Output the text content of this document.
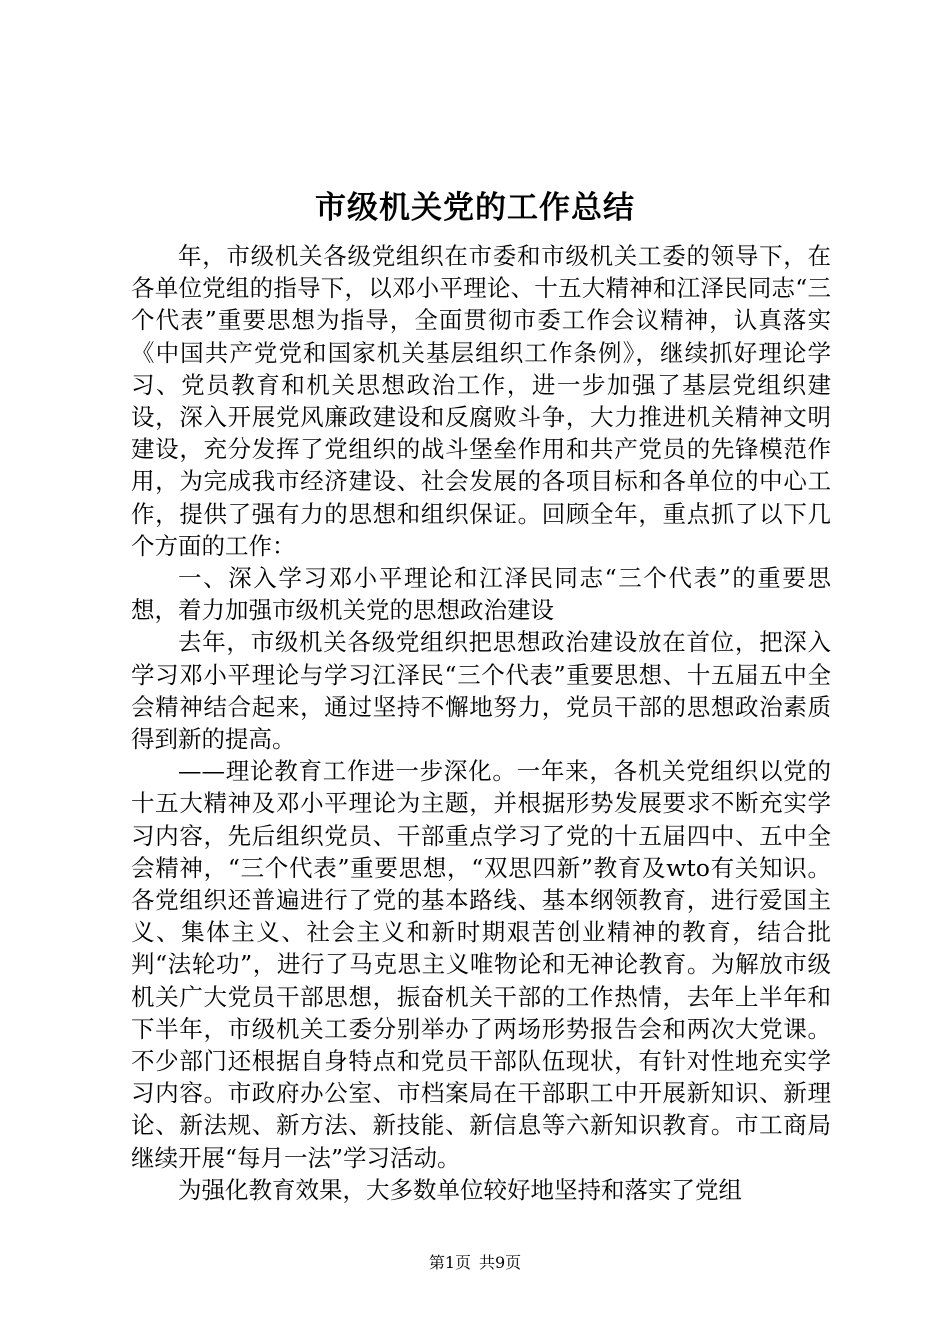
市级机关党的工作总结

年，市级机关各级党组织在市委和市级机关工委的领导下，在各单位党组的指导下，以邓小平理论、十五大精神和江泽民同志“三个代表”重要思想为指导，全面贯彻市委工作会议精神，认真落实《中国共产党党和国家机关基层组织工作条例》，继续抓好理论学习、党员教育和机关思想政治工作，进一步加强了基层党组织建设，深入开展党风廉政建设和反腐败斗争，大力推进机关精神文明建设，充分发挥了党组织的战斗堡垒作用和共产党员的先锋模范作用，为完成我市经济建设、社会发展的各项目标和各单位的中心工作，提供了强有力的思想和组织保证。回顾全年，重点抓了以下几个方面的工作：

一、深入学习邓小平理论和江泽民同志“三个代表”的重要思想，着力加强市级机关党的思想政治建设

去年，市级机关各级党组织把思想政治建设放在首位，把深入学习邓小平理论与学习江泽民“三个代表”重要思想、十五届五中全会精神结合起来，通过坚持不懈地努力，党员干部的思想政治素质得到新的提高。

——理论教育工作进一步深化。一年来，各机关党组织以党的十五大精神及邓小平理论为主题，并根据形势发展要求不断充实学习内容，先后组织党员、干部重点学习了党的十五届四中、五中全会精神，“三个代表”重要思想，“双思四新”教育及wto有关知识。各党组织还普遍进行了党的基本路线、基本纲领教育，进行爱国主义、集体主义、社会主义和新时期艰苦创业精神的教育，结合批判“法轮功”，进行了马克思主义唯物论和无神论教育。为解放市级机关广大党员干部思想，振奋机关干部的工作热情，去年上半年和下半年，市级机关工委分别举办了两场形势报告会和两次大党课。不少部门还根据自身特点和党员干部队伍现状，有针对性地充实学习内容。市政府办公室、市档案局在干部职工中开展新知识、新理论、新法规、新方法、新技能、新信息等六新知识教育。市工商局继续开展“每月一法”学习活动。

为强化教育效果，大多数单位较好地坚持和落实了党组

第1页 共9页
